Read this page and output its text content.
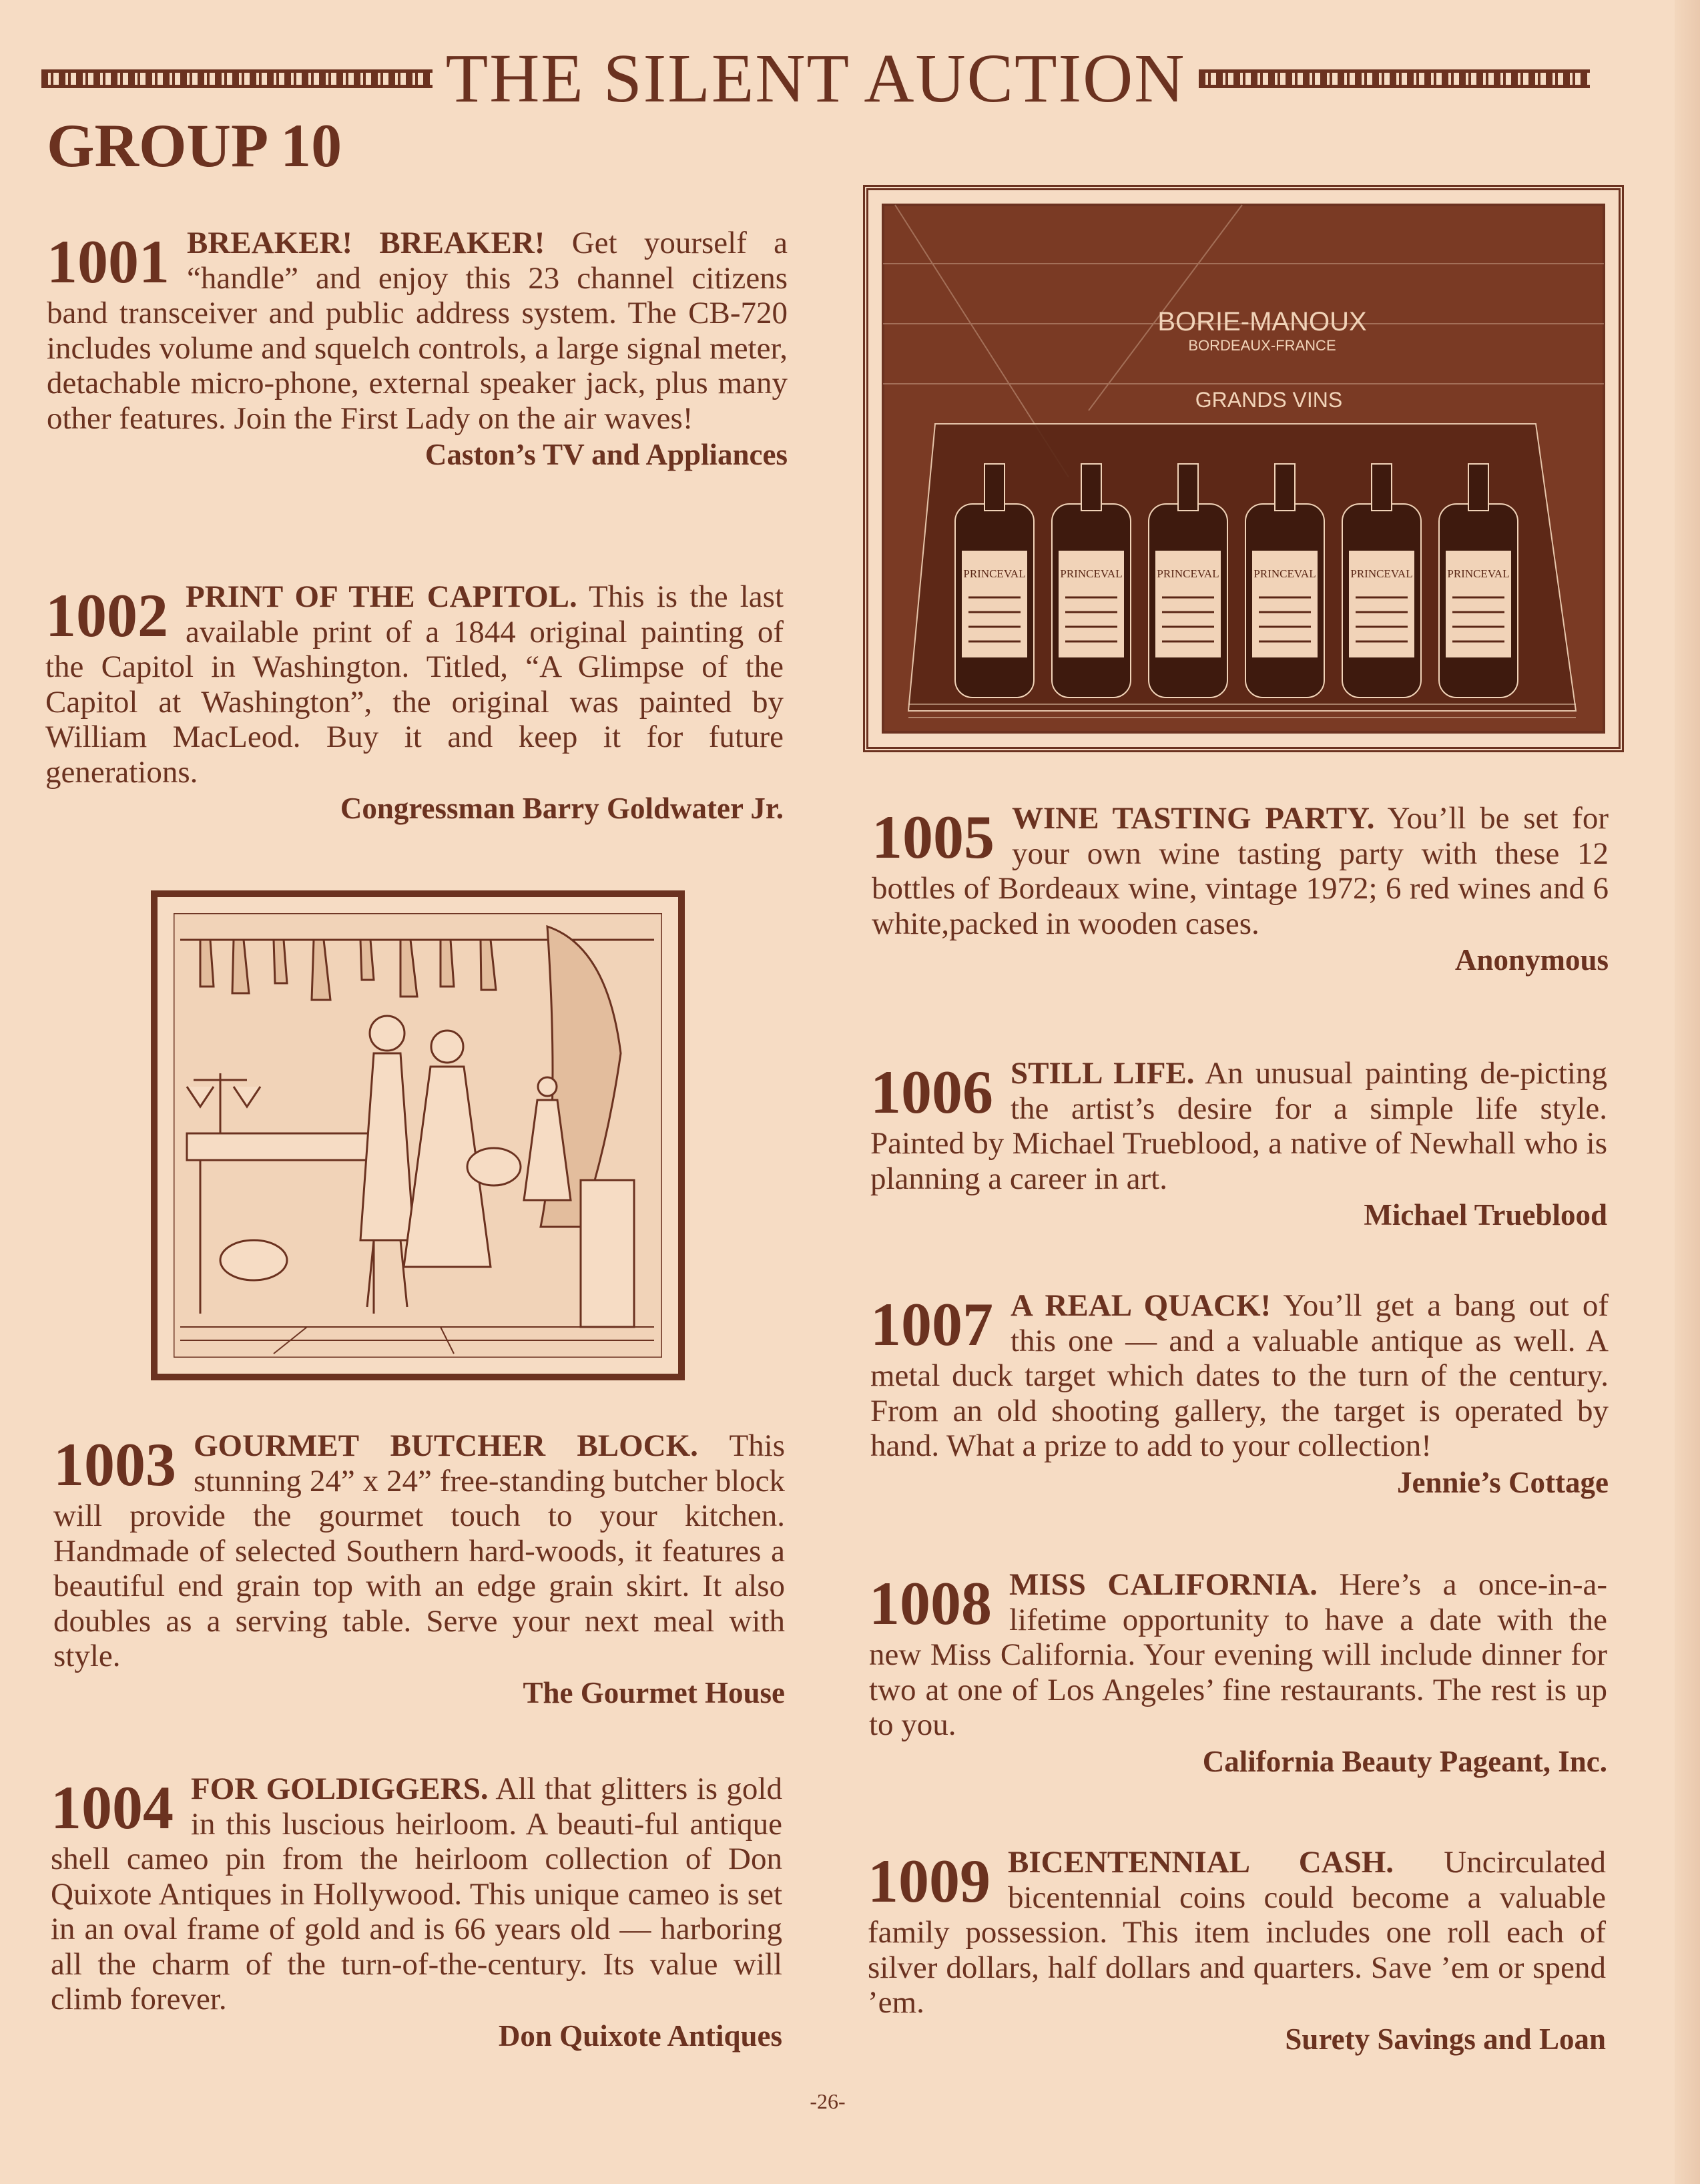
THE SILENT AUCTION
GROUP 10
1001 BREAKER! BREAKER! Get yourself a “handle” and enjoy this 23 channel citizens band transceiver and public address system. The CB-720 includes volume and squelch controls, a large signal meter, detachable micro-phone, external speaker jack, plus many other features. Join the First Lady on the air waves!
Caston’s TV and Appliances
1002 PRINT OF THE CAPITOL. This is the last available print of a 1844 original painting of the Capitol in Washington. Titled, “A Glimpse of the Capitol at Washington”, the original was painted by William MacLeod. Buy it and keep it for future generations.
Congressman Barry Goldwater Jr.
1003 GOURMET BUTCHER BLOCK. This stunning 24” x 24” free-standing butcher block will provide the gourmet touch to your kitchen. Handmade of selected Southern hard-woods, it features a beautiful end grain top with an edge grain skirt. It also doubles as a serving table. Serve your next meal with style.
The Gourmet House
1004 FOR GOLDIGGERS. All that glitters is gold in this luscious heirloom. A beauti-ful antique shell cameo pin from the heirloom collection of Don Quixote Antiques in Hollywood. This unique cameo is set in an oval frame of gold and is 66 years old — harboring all the charm of the turn-of-the-century. Its value will climb forever.
Don Quixote Antiques
BORIE-MANOUX
BORDEAUX-FRANCE
GRANDS VINS
PRINCEVAL	PRINCEVAL	PRINCEVAL	PRINCEVAL	PRINCEVAL	PRINCEVAL
1005 WINE TASTING PARTY. You’ll be set for your own wine tasting party with these 12 bottles of Bordeaux wine, vintage 1972; 6 red wines and 6 white,packed in wooden cases.
Anonymous
1006 STILL LIFE. An unusual painting de-picting the artist’s desire for a simple life style. Painted by Michael Trueblood, a native of Newhall who is planning a career in art.
Michael Trueblood
1007 A REAL QUACK! You’ll get a bang out of this one — and a valuable antique as well. A metal duck target which dates to the turn of the century. From an old shooting gallery, the target is operated by hand. What a prize to add to your collection!
Jennie’s Cottage
1008 MISS CALIFORNIA. Here’s a once-in-a-lifetime opportunity to have a date with the new Miss California. Your evening will include dinner for two at one of Los Angeles’ fine restaurants. The rest is up to you.
California Beauty Pageant, Inc.
1009 BICENTENNIAL CASH. Uncirculated bicentennial coins could become a valuable family possession. This item includes one roll each of silver dollars, half dollars and quarters. Save ’em or spend ’em.
Surety Savings and Loan
-26-
